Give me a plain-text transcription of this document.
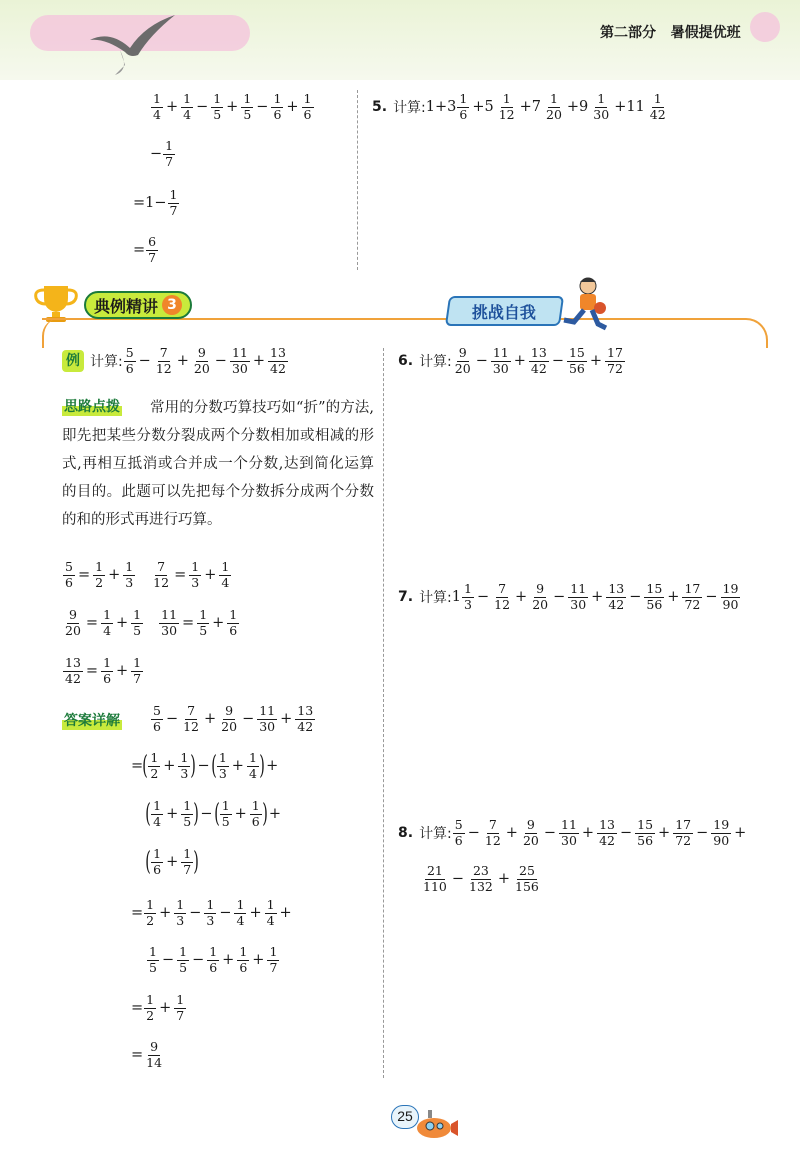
第二部分 暑假提优班
1
$4 + \frac{1}{4} - \frac{1}{5} + \frac{1}{5} - \frac{1}{6} + \frac{1}{6}$
− $\frac{1}{7}$
$=1- \frac{1}{7}$
= $\frac{6}{7}$
5. 计算: 1+3
1
6 +5
1
12 +7
1
20 +9
1
30 +11
1
42
典例精讲 3	挑战自我
例 计算:
5
$6 - \frac{7}{12} + \frac{9}{20} - \frac{11}{30} + \frac{13}{42}$
思路点拨	常用的分数巧算技巧如“折”的方法,即先把某些分数分裂成两个分数相加或相减的形式,再相互抵消或合并成一个分数,达到简化运算的目的。此题可以先把每个分数拆分成两个分数的和的形式再进行巧算。
$\frac{5}{6} = \frac{1}{2} + \frac{1}{3} \frac{7}{12} = \frac{1}{3} + \frac{1}{4}$
$\frac{9}{20} = \frac{1}{4} + \frac{1}{5} \frac{11}{30} = \frac{1}{5} + \frac{1}{6}$
$\frac{13}{42} = \frac{1}{6} + \frac{1}{7}$
答案详解
5
$6 - \frac{7}{12} + \frac{9}{20} - \frac{11}{30} + \frac{13}{42}$
= ( 1
$2 + \frac{1}{3}$ ) − ( 1
$3 + \frac{1}{4}$ ) +
( 1
$4 + \frac{1}{5}$ ) − ( 1
$5 + \frac{1}{6}$ ) +
( 1
$6 + \frac{1}{7}$ )
= $\frac{1}{2} + \frac{1}{3} - \frac{1}{3} - \frac{1}{4} + \frac{1}{4}$ +
1
$5 - \frac{1}{5} - \frac{1}{6} + \frac{1}{6} + \frac{1}{7}$
= $\frac{1}{2} + \frac{1}{7}$
= $\frac{9}{14}$
6. 计算:
9
$20 - \frac{11}{30} + \frac{13}{42} - \frac{15}{56} + \frac{17}{72}$
7. 计算: 1
1
$3 - \frac{7}{12} + \frac{9}{20} - \frac{11}{30} + \frac{13}{42} - \frac{15}{56} + \frac{17}{72} - \frac{19}{90}$
8. 计算:
5
$6 - \frac{7}{12} + \frac{9}{20} - \frac{11}{30} + \frac{13}{42} - \frac{15}{56} + \frac{17}{72} - \frac{19}{90}$ +
21
$110 - \frac{23}{132} + \frac{25}{156}$
25
